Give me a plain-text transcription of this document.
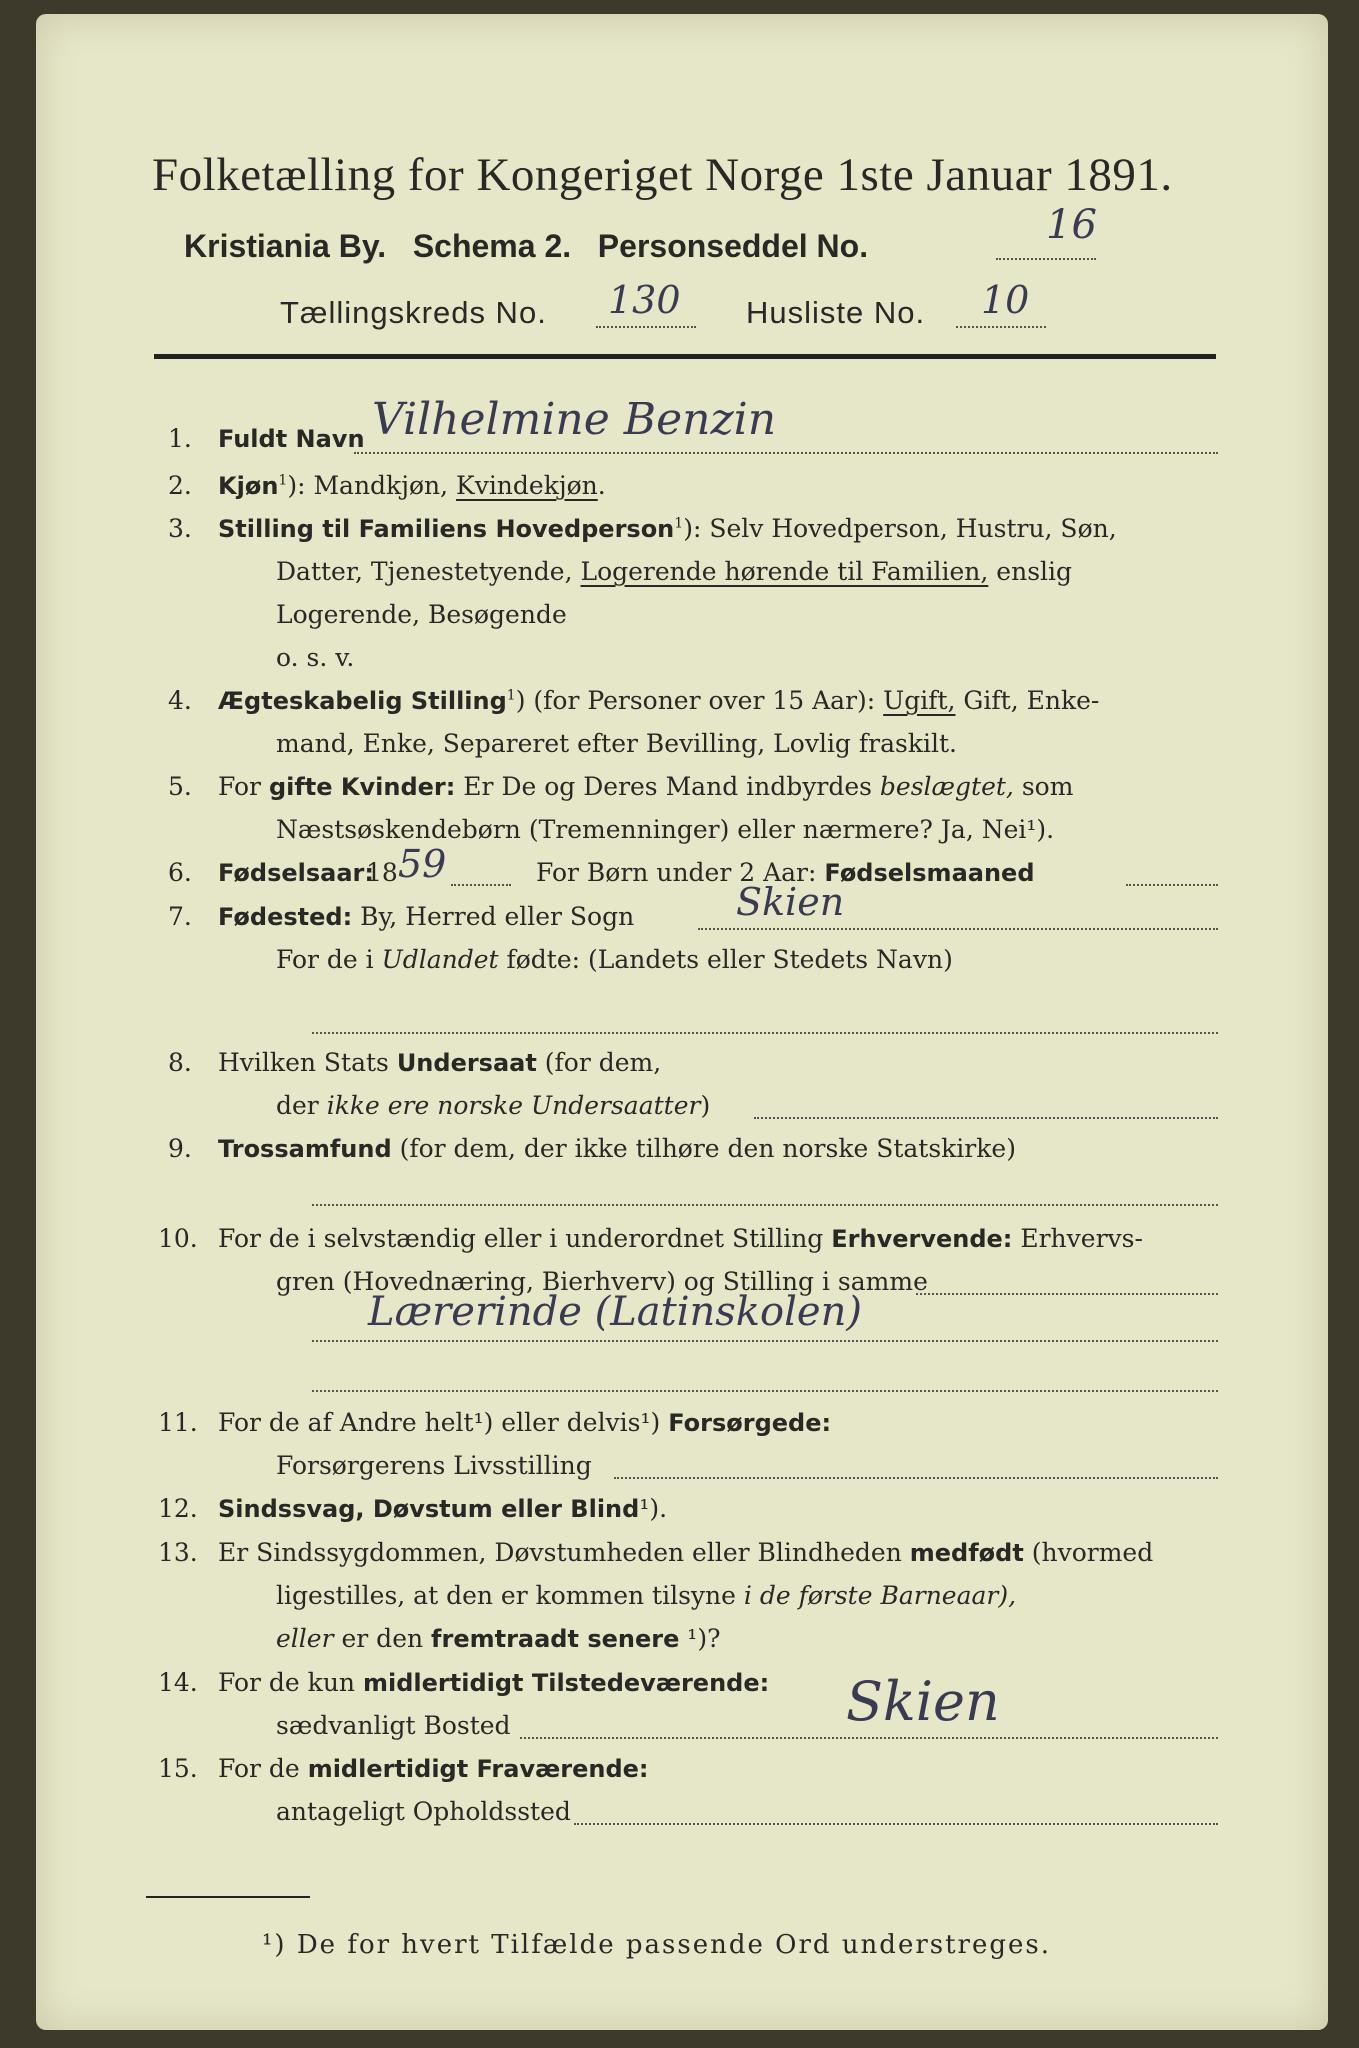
Folketælling for Kongeriget Norge 1ste Januar 1891.
Kristiania By. Schema 2. Personseddel No.	16
Tællingskreds No. 130 Husliste No. 10
1. Fuldt Navn Vilhelmine Benzin
2. Kjøn$^1$): Mandkjøn, Kvindekjøn.
3. Stilling til Familiens Hovedperson$^1$): Selv Hovedperson, Hustru, Søn,
Datter, Tjenestetyende, Logerende hørende til Familien, enslig
Logerende, Besøgende
o. s. v.
4. Ægteskabelig Stilling$^1$) (for Personer over 15 Aar): Ugift, Gift, Enke-
mand, Enke, Separeret efter Bevilling, Lovlig fraskilt.
5. For gifte Kvinder: Er De og Deres Mand indbyrdes beslægtet, som
Næstsøskendebørn (Tremenninger) eller nærmere? Ja, Nei¹).
6. Fødselsaar:
18 59	For Børn under 2 Aar: Fødselsmaaned
7. Fødested: By, Herred eller Sogn	Skien
For de i Udlandet fødte: (Landets eller Stedets Navn)
8. Hvilken Stats Undersaat (for dem,
der ikke ere norske Undersaatter)
9. Trossamfund (for dem, der ikke tilhøre den norske Statskirke)
10. For de i selvstændig eller i underordnet Stilling Erhvervende: Erhvervs-
gren (Hovednæring, Bierhverv) og Stilling i samme
Lærerinde (Latinskolen)
11. For de af Andre helt¹) eller delvis¹) Forsørgede:
Forsørgerens Livsstilling
12. Sindssvag, Døvstum eller Blind¹).
13. Er Sindssygdommen, Døvstumheden eller Blindheden medfødt (hvormed
ligestilles, at den er kommen tilsyne i de første Barneaar),
eller er den fremtraadt senere ¹)?
14. For de kun midlertidigt Tilstedeværende:
sædvanligt Bosted	Skien
15. For de midlertidigt Fraværende:
antageligt Opholdssted
¹) De for hvert Tilfælde passende Ord understreges.
